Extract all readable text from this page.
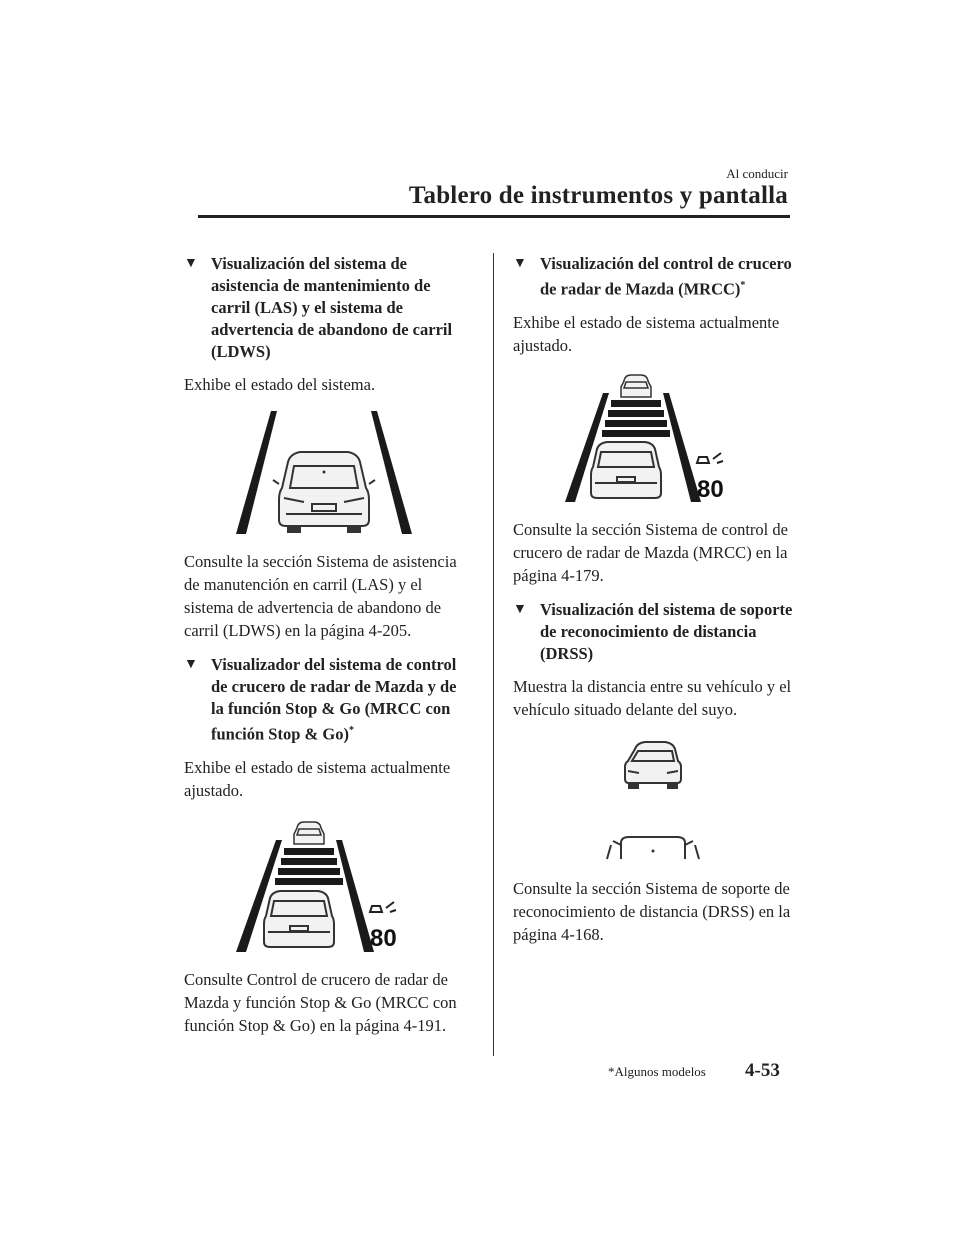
Al conducir
Tablero de instrumentos y pantalla
▼ Visualización del sistema de asistencia de mantenimiento de carril (LAS) y el sistema de advertencia de abandono de carril (LDWS)

Exhibe el estado del sistema.

Consulte la sección Sistema de asistencia de manutención en carril (LAS) y el sistema de advertencia de abandono de carril (LDWS) en la página 4-205.

▼ Visualizador del sistema de control de crucero de radar de Mazda y de la función Stop & Go (MRCC con función Stop & Go)*

Exhibe el estado de sistema actualmente ajustado.

80

Consulte Control de crucero de radar de Mazda y función Stop & Go (MRCC con función Stop & Go) en la página 4-191.

▼ Visualización del control de crucero de radar de Mazda (MRCC)*

Exhibe el estado de sistema actualmente ajustado.

80

Consulte la sección Sistema de control de crucero de radar de Mazda (MRCC) en la página 4-179.

▼ Visualización del sistema de soporte de reconocimiento de distancia (DRSS)

Muestra la distancia entre su vehículo y el vehículo situado delante del suyo.

Consulte la sección Sistema de soporte de reconocimiento de distancia (DRSS) en la página 4-168.

*Algunos modelos 4-53
